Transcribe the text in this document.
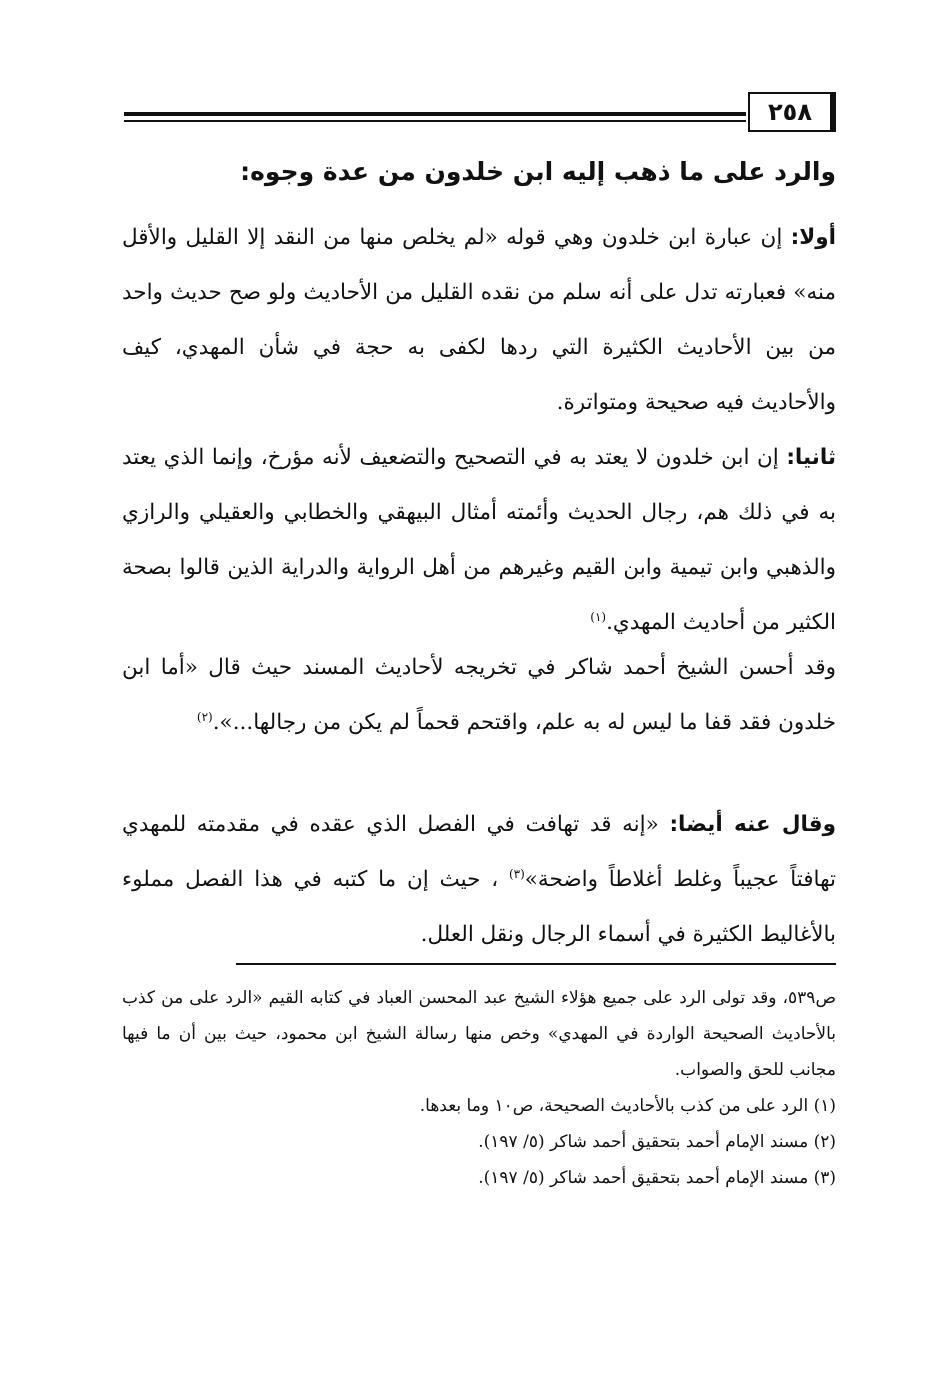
٢٥٨
والرد على ما ذهب إليه ابن خلدون من عدة وجوه:

أولا: إن عبارة ابن خلدون وهي قوله «لم يخلص منها من النقد إلا القليل والأقل منه» فعبارته تدل على أنه سلم من نقده القليل من الأحاديث ولو صح حديث واحد من بين الأحاديث الكثيرة التي ردها لكفى به حجة في شأن المهدي، كيف والأحاديث فيه صحيحة ومتواترة.

ثانيا: إن ابن خلدون لا يعتد به في التصحيح والتضعيف لأنه مؤرخ، وإنما الذي يعتد به في ذلك هم، رجال الحديث وأئمته أمثال البيهقي والخطابي والعقيلي والرازي والذهبي وابن تيمية وابن القيم وغيرهم من أهل الرواية والدراية الذين قالوا بصحة الكثير من أحاديث المهدي.$^{(١)}$

وقد أحسن الشيخ أحمد شاكر في تخريجه لأحاديث المسند حيث قال «أما ابن خلدون فقد قفا ما ليس له به علم، واقتحم قحماً لم يكن من رجالها...».$^{(٢)}$

وقال عنه أيضا: «إنه قد تهافت في الفصل الذي عقده في مقدمته للمهدي تهافتاً عجيباً وغلط أغلاطاً واضحة»$^{(٣)}$ ، حيث إن ما كتبه في هذا الفصل مملوء بالأغاليط الكثيرة في أسماء الرجال ونقل العلل.

ص٥٣٩، وقد تولى الرد على جميع هؤلاء الشيخ عبد المحسن العباد في كتابه القيم «الرد على من كذب بالأحاديث الصحيحة الواردة في المهدي» وخص منها رسالة الشيخ ابن محمود، حيث بين أن ما فيها مجانب للحق والصواب.

(١) الرد على من كذب بالأحاديث الصحيحة، ص١٠ وما بعدها.

(٢) مسند الإمام أحمد بتحقيق أحمد شاكر (٥/ ١٩٧).

(٣) مسند الإمام أحمد بتحقيق أحمد شاكر (٥/ ١٩٧).
